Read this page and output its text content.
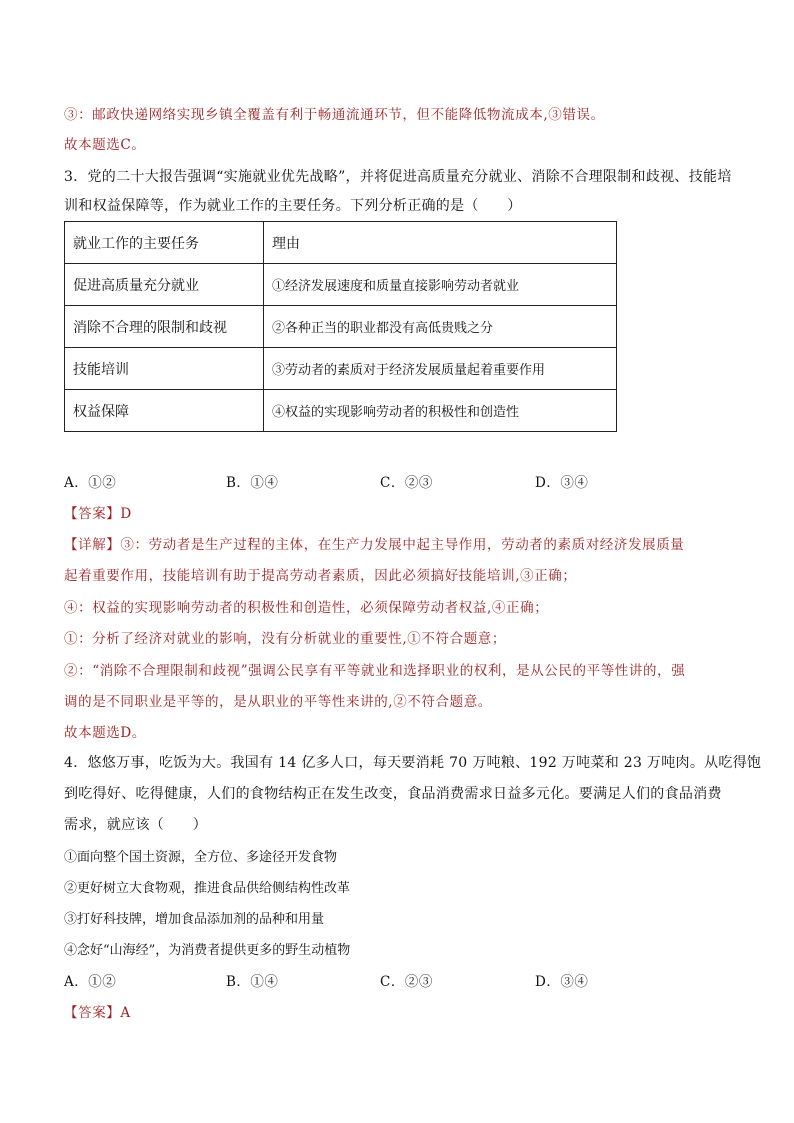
③：邮政快递网络实现乡镇全覆盖有利于畅通流通环节，但不能降低物流成本,③错误。
故本题选C。
3．党的二十大报告强调“实施就业优先战略”，并将促进高质量充分就业、消除不合理限制和歧视、技能培
训和权益保障等，作为就业工作的主要任务。下列分析正确的是（　　）
就业工作的主要任务	理由
促进高质量充分就业	①经济发展速度和质量直接影响劳动者就业
消除不合理的限制和歧视	②各种正当的职业都没有高低贵贱之分
技能培训	③劳动者的素质对于经济发展质量起着重要作用
权益保障	④权益的实现影响劳动者的积极性和创造性
A．①②	B．①④	C．②③	D．③④
【答案】D
【详解】③：劳动者是生产过程的主体，在生产力发展中起主导作用，劳动者的素质对经济发展质量
起着重要作用，技能培训有助于提高劳动者素质，因此必须搞好技能培训,③正确；
④：权益的实现影响劳动者的积极性和创造性，必须保障劳动者权益,④正确；
①：分析了经济对就业的影响，没有分析就业的重要性,①不符合题意；
②：“消除不合理限制和歧视”强调公民享有平等就业和选择职业的权利，是从公民的平等性讲的，强
调的是不同职业是平等的，是从职业的平等性来讲的,②不符合题意。
故本题选D。
4．悠悠万事，吃饭为大。我国有 14 亿多人口，每天要消耗 70 万吨粮、192 万吨菜和 23 万吨肉。从吃得饱
到吃得好、吃得健康，人们的食物结构正在发生改变，食品消费需求日益多元化。要满足人们的食品消费
需求，就应该（　　）
①面向整个国土资源，全方位、多途径开发食物
②更好树立大食物观，推进食品供给侧结构性改革
③打好科技牌，增加食品添加剂的品种和用量
④念好“山海经”，为消费者提供更多的野生动植物
A．①②	B．①④	C．②③	D．③④
【答案】A
